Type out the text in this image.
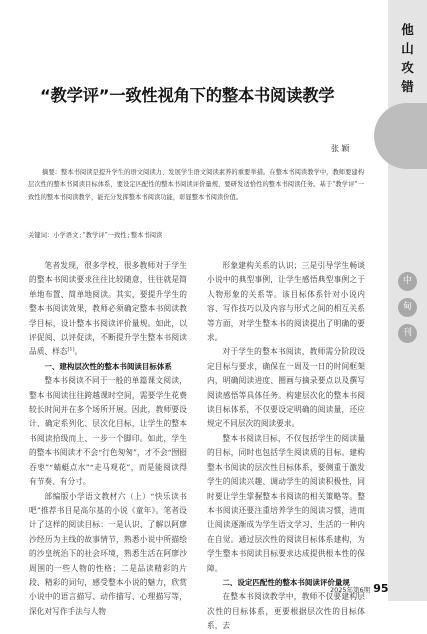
他
山
攻
错
中
甸
刊
“教学评”一致性视角下的整本书阅读教学
张 颖

摘要：整本书阅读是提升学生的语文阅读力、发展学生语文阅读素养的重要举措。在整本书阅读教学中，教师要建构层次性的整本书阅读目标体系，要设定匹配性的整本书阅读评价量规，要研发适恰性的整本书阅读任务。基于“教学评”一致性的整本书阅读教学，能充分发挥整本书阅读功能，彰显整本书阅读价值。

关键词：小学语文;“教学评”一致性;整本书阅读

笔者发现，很多学校、很多教师对于学生的整本书阅读要求往往比较随意，往往就是简单地布置、简单地阅读。其实，要提升学生的整本书阅读效果，教师必须确定整本书阅读教学目标，设计整本书阅读评价量规。如此，以评促阅、以评促读，不断提升学生整本书阅读品质、样态[1]。

一、建构层次性的整本书阅读目标体系

整本书阅读不同于一般的单篇课文阅读，整本书阅读往往跨越课时空间，需要学生花费较长时间并在多个场所开展。因此，教师要设计、确定系列化、层次化目标，让学生的整本书阅读拾级而上、一步一个脚印。如此，学生的整本书阅读才不会“行色匆匆”，才不会“囫囵吞枣”“蜻蜓点水”“走马观花”，而是能阅读得有节奏、有分寸。

部编版小学语文教材六（上）“快乐读书吧”推荐书目是高尔基的小说《童年》。笔者设计了这样的阅读目标：一是认识、了解以阿廖沙经历为主线的故事情节，熟悉小说中所描绘的沙皇统治下的社会环境，熟悉生活在阿廖沙周围的一些人物的性格；二是品读精彩的片段、精彩的词句，感受整本小说的魅力，欣赏小说中的语言描写、动作描写、心理描写等，深化对写作手法与人物

形象建构关系的认识；三是引导学生畅谈小说中的典型事例，让学生感悟典型事例之于人物形象的关系等。该目标体系针对小说内容、写作技巧以及内容与形式之间的相互关系等方面，对学生整本书的阅读提出了明确的要求。

对于学生的整本书阅读，教师需分阶段设定目标与要求，确保在一周及一日的时间框架内，明确阅读进度、圈画与摘录要点以及撰写阅读感悟等具体任务。构建层次化的整本书阅读目标体系，不仅要设定明确的阅读量，还应规定不同层次的阅读要求。

整本书阅读目标，不仅包括学生的阅读量的目标，同时也包括学生阅读质的目标。建构整本书阅读的层次性目标体系，要侧重于激发学生的阅读兴趣、调动学生的阅读积极性，同时要让学生掌握整本书阅读的相关策略等。整本书阅读还要注重培养学生的阅读习惯，进而让阅读逐渐成为学生语文学习、生活的一种内在自觉。通过层次性的阅读目标体系建构，为学生整本书阅读目标要求达成提供根本性的保障。

二、设定匹配性的整本书阅读评价量规

在整本书阅读教学中，教师不仅要建构层次性的目标体系，更要根据层次性的目标体系，去

2025年第6期 95
